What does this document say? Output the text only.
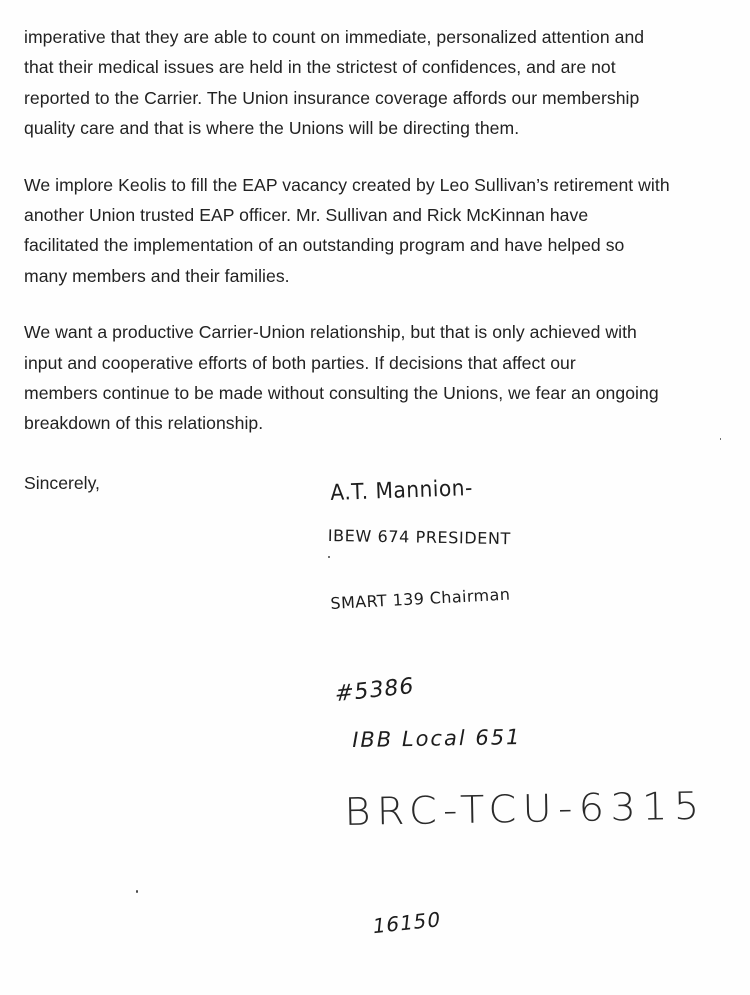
imperative that they are able to count on immediate, personalized attention and
that their medical issues are held in the strictest of confidences, and are not
reported to the Carrier. The Union insurance coverage affords our membership
quality care and that is where the Unions will be directing them.

We implore Keolis to fill the EAP vacancy created by Leo Sullivan’s retirement with
another Union trusted EAP officer. Mr. Sullivan and Rick McKinnan have
facilitated the implementation of an outstanding program and have helped so
many members and their families.

We want a productive Carrier-Union relationship, but that is only achieved with
input and cooperative efforts of both parties. If decisions that affect our
members continue to be made without consulting the Unions, we fear an ongoing
breakdown of this relationship.

Sincerely,	A.T. Mannion-
IBEW 674 PRESIDENT
SMART 139 Chairman
#5386
IBB Local 651
BRC-TCU-6315
16150
